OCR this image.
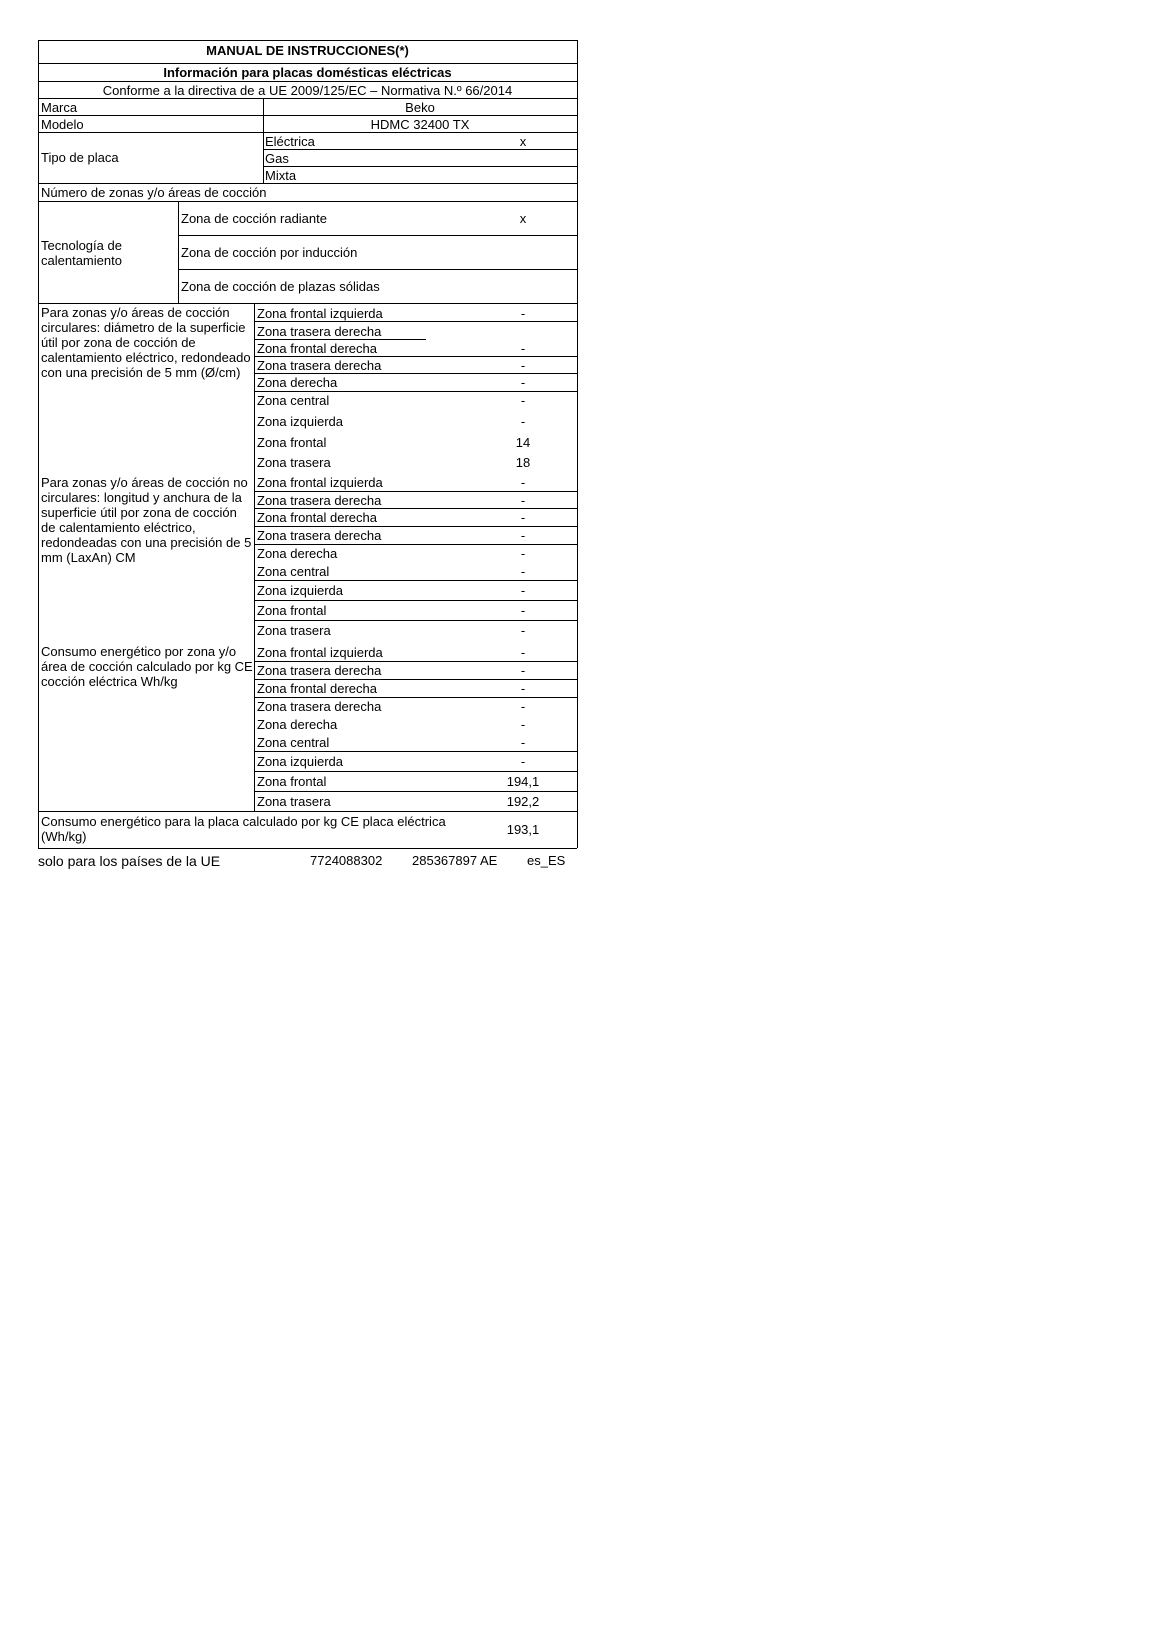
MANUAL DE INSTRUCCIONES(*)
Información para placas domésticas eléctricas
Conforme a la directiva de a UE 2009/125/EC – Normativa N.º 66/2014
Marca	Beko
Modelo	HDMC 32400 TX
Tipo de placa
Eléctrica	x
Gas
Mixta
Número de zonas y/o áreas de cocción
Tecnología de calentamiento
Zona de cocción radiante	x
Zona de cocción por inducción
Zona de cocción de plazas sólidas
Para zonas y/o áreas de cocción circulares: diámetro de la superficie útil por zona de cocción de calentamiento eléctrico, redondeado con una precisión de 5 mm (Ø/cm)
Zona frontal izquierda	-
Zona trasera derecha
Zona frontal derecha	-
Zona trasera derecha	-
Zona derecha	-
Zona central	-
Zona izquierda	-
Zona frontal	14
Zona trasera	18
Para zonas y/o áreas de cocción no circulares: longitud y anchura de la superficie útil por zona de cocción de calentamiento eléctrico, redondeadas con una precisión de 5 mm (LaxAn) CM
Zona frontal izquierda	-
Zona trasera derecha	-
Zona frontal derecha	-
Zona trasera derecha	-
Zona derecha	-
Zona central	-
Zona izquierda	-
Zona frontal	-
Zona trasera	-
Consumo energético por zona y/o área de cocción calculado por kg CE cocción eléctrica Wh/kg
Zona frontal izquierda	-
Zona trasera derecha	-
Zona frontal derecha	-
Zona trasera derecha	-
Zona derecha	-
Zona central	-
Zona izquierda	-
Zona frontal	194,1
Zona trasera	192,2
Consumo energético para la placa calculado por kg CE placa eléctrica (Wh/kg)	193,1
solo para los países de la UE	7724088302 285367897 AE es_ES
